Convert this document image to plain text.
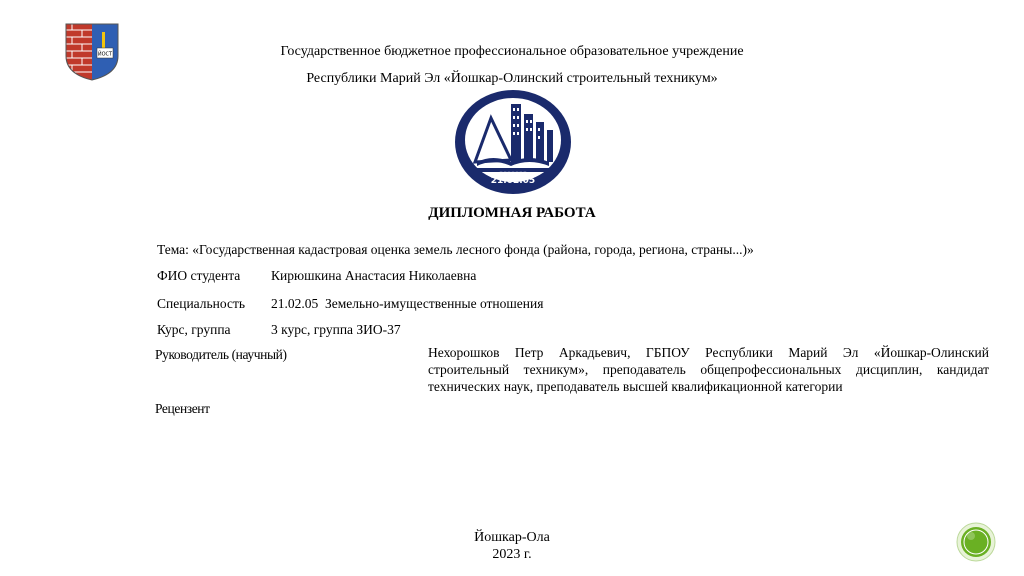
ЙОСТ	Государственное бюджетное профессиональное образовательное учреждение
Республики Марий Эл «Йошкар-Олинский строительный техникум»
— — — — — — —
21.02.05
ДИПЛОМНАЯ РАБОТА
Тема: «Государственная кадастровая оценка земель лесного фонда (района, города, региона, страны...)»
ФИО студента Кирюшкина Анастасия Николаевна
Специальность 21.02.05  Земельно-имущественные отношения
Курс, группа	3 курс, группа ЗИО-37
Руководитель (научный)	Нехорошков Петр Аркадьевич, ГБПОУ Республики Марий Эл «Йошкар-Олинский строительный техникум», преподаватель общепрофессиональных дисциплин, кандидат технических наук, преподаватель высшей квалификационной категории
Рецензент
Йошкар-Ола
2023 г.
